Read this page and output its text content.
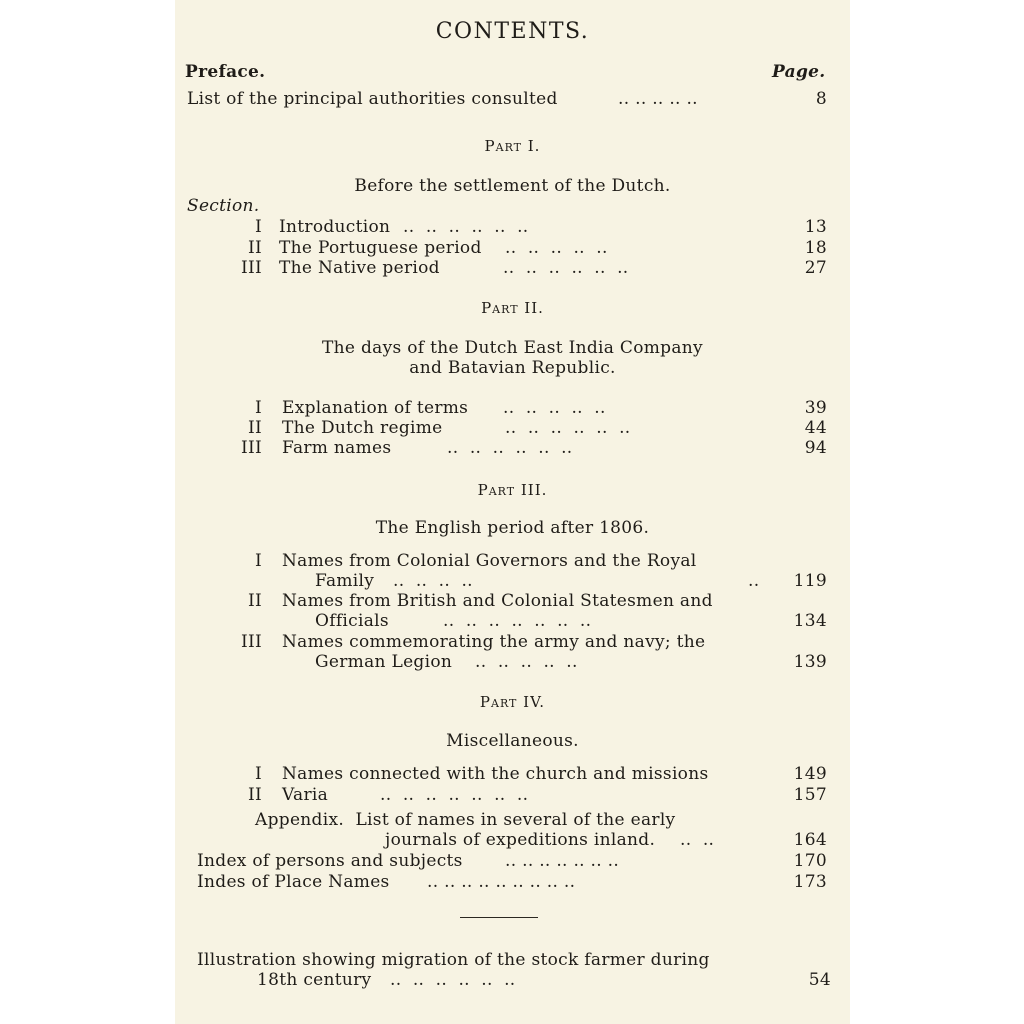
CONTENTS.
Preface.	Page.
List of the principal authorities consulted	.. .. .. .. ..	8
Part I.
Before the settlement of the Dutch.
Section.
I Introduction ..  ..  ..  ..  ..  ..	13
II The Portuguese period ..  ..  ..  ..  ..	18
III The Native period	..  ..  ..  ..  ..  ..	27
Part II.
The days of the Dutch East India Company
and Batavian Republic.
I Explanation of terms ..  ..  ..  ..  ..	39
II The Dutch regime	..  ..  ..  ..  ..  ..	44
III Farm names	..  ..  ..  ..  ..  ..	94
Part III.
The English period after 1806.
I Names from Colonial Governors and the Royal
Family ..  ..  ..  ..	..	119
II Names from British and Colonial Statesmen and
Officials	..  ..  ..  ..  ..  ..  ..	134
III Names commemorating the army and navy; the
German Legion ..  ..  ..  ..  ..	139
Part IV.
Miscellaneous.
I Names connected with the church and missions	149
II Varia	..  ..  ..  ..  ..  ..  ..	157
Appendix.  List of names in several of the early
journals of expeditions inland. ..  ..	164
Index of persons and subjects .. .. .. .. .. .. ..	170
Indes of Place Names .. .. .. .. .. .. .. .. ..	173
Illustration showing migration of the stock farmer during
18th century ..  ..  ..  ..  ..  ..	54
